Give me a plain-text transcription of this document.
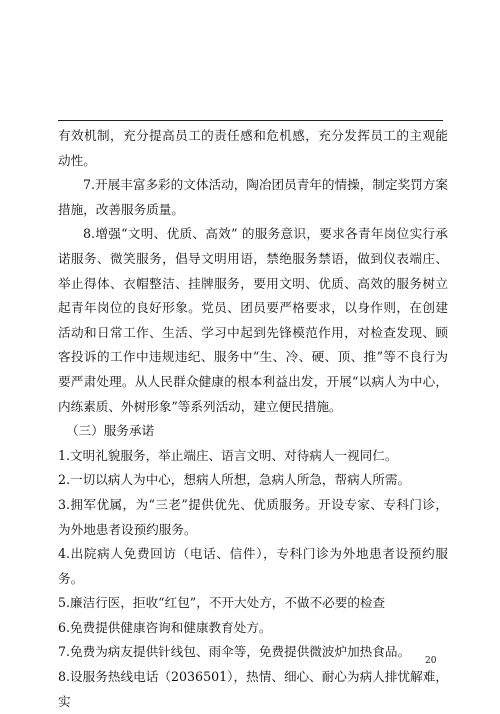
有效机制，充分提高员工的责任感和危机感，充分发挥员工的主观能动性。

7.开展丰富多彩的文体活动，陶冶团员青年的情操，制定奖罚方案措施，改善服务质量。

8.增强“文明、优质、高效” 的服务意识，要求各青年岗位实行承诺服务、微笑服务，倡导文明用语，禁绝服务禁语，做到仪表端庄、举止得体、衣帽整洁、挂牌服务，要用文明、优质、高效的服务树立起青年岗位的良好形象。党员、团员要严格要求，以身作则，在创建活动和日常工作、生活、学习中起到先锋模范作用，对检查发现、顾客投诉的工作中违规违纪、服务中“生、冷、硬、顶、推”等不良行为要严肃处理。从人民群众健康的根本利益出发，开展“以病人为中心，内练素质、外树形象”等系列活动，建立便民措施。

（三）服务承诺

1.文明礼貌服务，举止端庄、语言文明、对待病人一视同仁。

2.一切以病人为中心，想病人所想，急病人所急，帮病人所需。

3.拥军优属，为“三老”提供优先、优质服务。开设专家、专科门诊，为外地患者设预约服务。

4.出院病人免费回访（电话、信件），专科门诊为外地患者设预约服务。

5.廉洁行医，拒收“红包”，不开大处方，不做不必要的检查

6.免费提供健康咨询和健康教育处方。

7.免费为病友提供针线包、雨伞等，免费提供微波炉加热食品。

8.设服务热线电话（2036501），热情、细心、耐心为病人排忧解难，实

20
